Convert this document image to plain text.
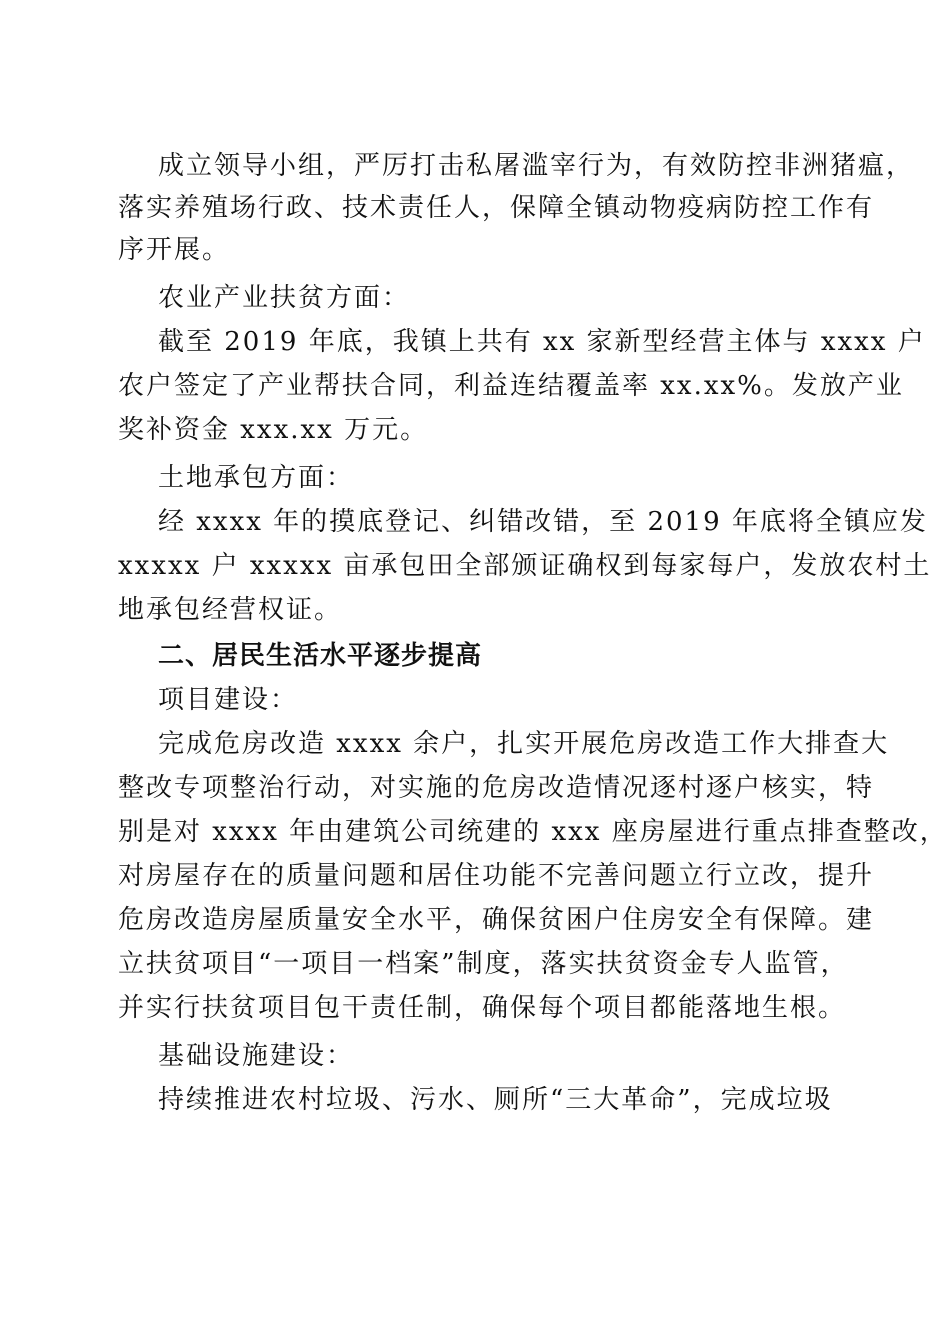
成立领导小组，严厉打击私屠滥宰行为，有效防控非洲猪瘟，
落实养殖场行政、技术责任人，保障全镇动物疫病防控工作有
序开展。
农业产业扶贫方面：
截至 2019 年底，我镇上共有 xx 家新型经营主体与 xxxx 户
农户签定了产业帮扶合同，利益连结覆盖率 xx.xx%。发放产业
奖补资金 xxx.xx 万元。
土地承包方面：
经 xxxx 年的摸底登记、纠错改错，至 2019 年底将全镇应发
xxxxx 户 xxxxx 亩承包田全部颁证确权到每家每户，发放农村土
地承包经营权证。
二、居民生活水平逐步提高
项目建设：
完成危房改造 xxxx 余户，扎实开展危房改造工作大排查大
整改专项整治行动，对实施的危房改造情况逐村逐户核实，特
别是对 xxxx 年由建筑公司统建的 xxx 座房屋进行重点排查整改，
对房屋存在的质量问题和居住功能不完善问题立行立改，提升
危房改造房屋质量安全水平，确保贫困户住房安全有保障。建
立扶贫项目“一项目一档案”制度，落实扶贫资金专人监管，
并实行扶贫项目包干责任制，确保每个项目都能落地生根。
基础设施建设：
持续推进农村垃圾、污水、厕所“三大革命”，完成垃圾
